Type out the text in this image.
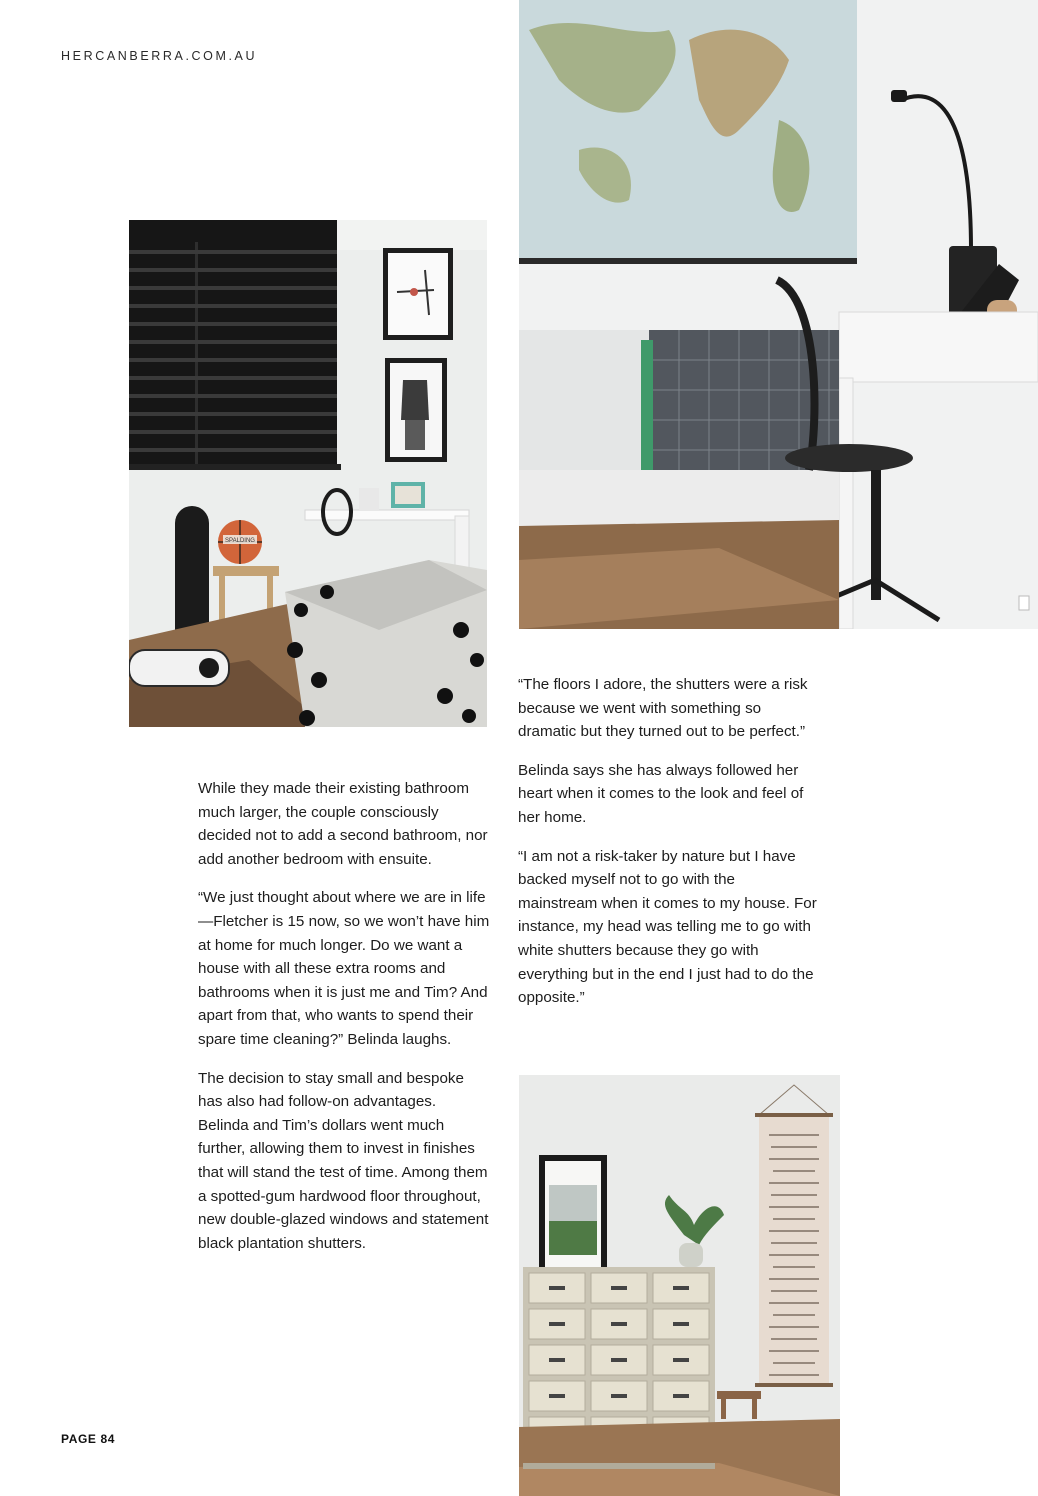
HERCANBERRA.COM.AU
SPALDING

“The floors I adore, the shutters were a risk because we went with something so dramatic but they turned out to be perfect.”

Belinda says she has always followed her heart when it comes to the look and feel of her home.

“I am not a risk-taker by nature but I have backed myself not to go with the mainstream when it comes to my house. For instance, my head was telling me to go with white shutters because they go with everything but in the end I just had to do the opposite.”

While they made their existing bathroom much larger, the couple consciously decided not to add a second bathroom, nor add another bedroom with ensuite.

“We just thought about where we are in life—Fletcher is 15 now, so we won’t have him at home for much longer. Do we want a house with all these extra rooms and bathrooms when it is just me and Tim? And apart from that, who wants to spend their spare time cleaning?” Belinda laughs.

The decision to stay small and bespoke has also had follow-on advantages. Belinda and Tim’s dollars went much further, allowing them to invest in finishes that will stand the test of time. Among them a spotted-gum hardwood floor throughout, new double-glazed windows and statement black plantation shutters.

PAGE 84
